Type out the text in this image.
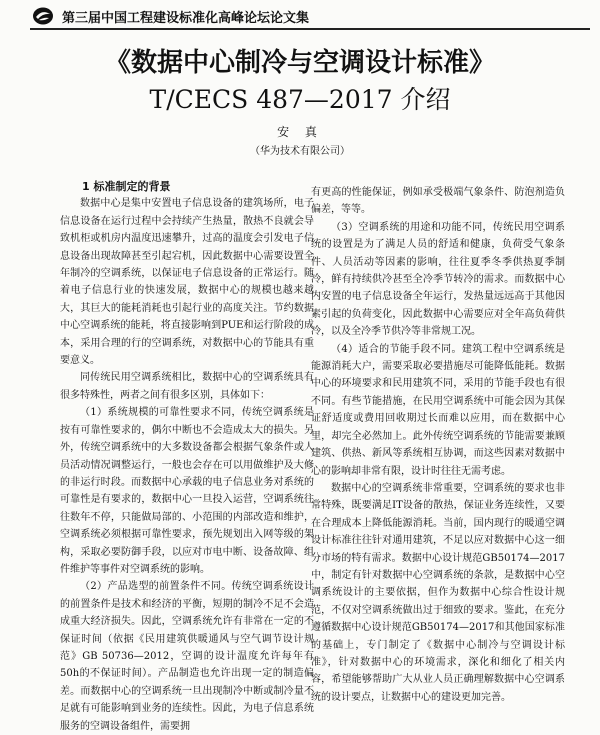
第三届中国工程建设标准化高峰论坛论文集
《数据中心制冷与空调设计标准》
T/CECS 487—2017 介绍
安 真
（华为技术有限公司）

1 标准制定的背景

数据中心是集中安置电子信息设备的建筑场所，电子信息设备在运行过程中会持续产生热量，散热不良就会导致机柜或机房内温度迅速攀升，过高的温度会引发电子信息设备出现故障甚至引起宕机，因此数据中心需要设置全年制冷的空调系统，以保证电子信息设备的正常运行。随着电子信息行业的快速发展，数据中心的规模也越来越大，其巨大的能耗消耗也引起行业的高度关注。节约数据中心空调系统的能耗，将直接影响到PUE和运行阶段的成本，采用合理的行的空调系统，对数据中心的节能具有重要意义。

同传统民用空调系统相比，数据中心的空调系统具有很多特殊性，两者之间有很多区别，具体如下：

（1）系统规模的可靠性要求不同，传统空调系统是按有可靠性要求的，偶尔中断也不会造成太大的损失。另外，传统空调系统中的大多数设备都会根据气象条件或人员活动情况调整运行，一般也会存在可以用做维护及大修的非运行时段。而数据中心承载的电子信息业务对系统的可靠性是有要求的，数据中心一旦投入运营，空调系统往往数年不停，只能做局部的、小范围的内部改造和维护，空调系统必须根据可靠性要求，预先规划出入网等级的架构，采取必要防御手段，以应对市电中断、设备故障、组件维护等事件对空调系统的影响。

（2）产品选型的前置条件不同。传统空调系统设计的前置条件是技术和经济的平衡，短期的制冷不足不会造成重大经济损失。因此，空调系统允许有非常在一定的不保证时间（依据《民用建筑供暖通风与空气调节设计规范》GB 50736—2012，空调的设计温度允许每年有50h的不保证时间）。产品制造也允许出现一定的制造偏差。而数据中心的空调系统一旦出现制冷中断或制冷量不足就有可能影响到业务的连续性。因此，为电子信息系统服务的空调设备组件，需要拥

有更高的性能保证，例如承受极端气象条件、防泡剂造负偏差，等等。

（3）空调系统的用途和功能不同，传统民用空调系统的设置是为了满足人员的舒适和健康，负荷受气象条件、人员活动等因素的影响，往往夏季冬季供热夏季制冷，鲜有持续供冷甚至全冷季节转冷的需求。而数据中心内安置的电子信息设备全年运行，发热量远远高于其他因素引起的负荷变化，因此数据中心需要应对全年高负荷供冷，以及全冷季节供冷等非常规工况。

（4）适合的节能手段不同。建筑工程中空调系统是能源消耗大户，需要采取必要措施尽可能降低能耗。数据中心的环境要求和民用建筑不同，采用的节能手段也有很不同。有些节能措施，在民用空调系统中可能会因为其保证舒适度或费用回收期过长而难以应用，而在数据中心里，却完全必然加上。此外传统空调系统的节能需要兼顾建筑、供热、新风等系统相互协调，而这些因素对数据中心的影响却非常有限，设计时往往无需考虑。

数据中心的空调系统非常重要，空调系统的要求也非常特殊，既要满足IT设备的散热，保证业务连续性，又要在合理成本上降低能源消耗。当前，国内现行的暖通空调设计标准往往针对通用建筑，不足以应对数据中心这一细分市场的特有需求。数据中心设计规范GB50174—2017中，制定有针对数据中心空调系统的条款，是数据中心空调系统设计的主要依据，但作为数据中心综合性设计规范，不仅对空调系统做出过于细致的要求。鉴此，在充分遵循数据中心设计规范GB50174—2017和其他国家标准的基础上，专门制定了《数据中心制冷与空调设计标准》，针对数据中心的环境需求，深化和细化了相关内容，希望能够帮助广大从业人员正确理解数据中心空调系统的设计要点，让数据中心的建设更加完善。
